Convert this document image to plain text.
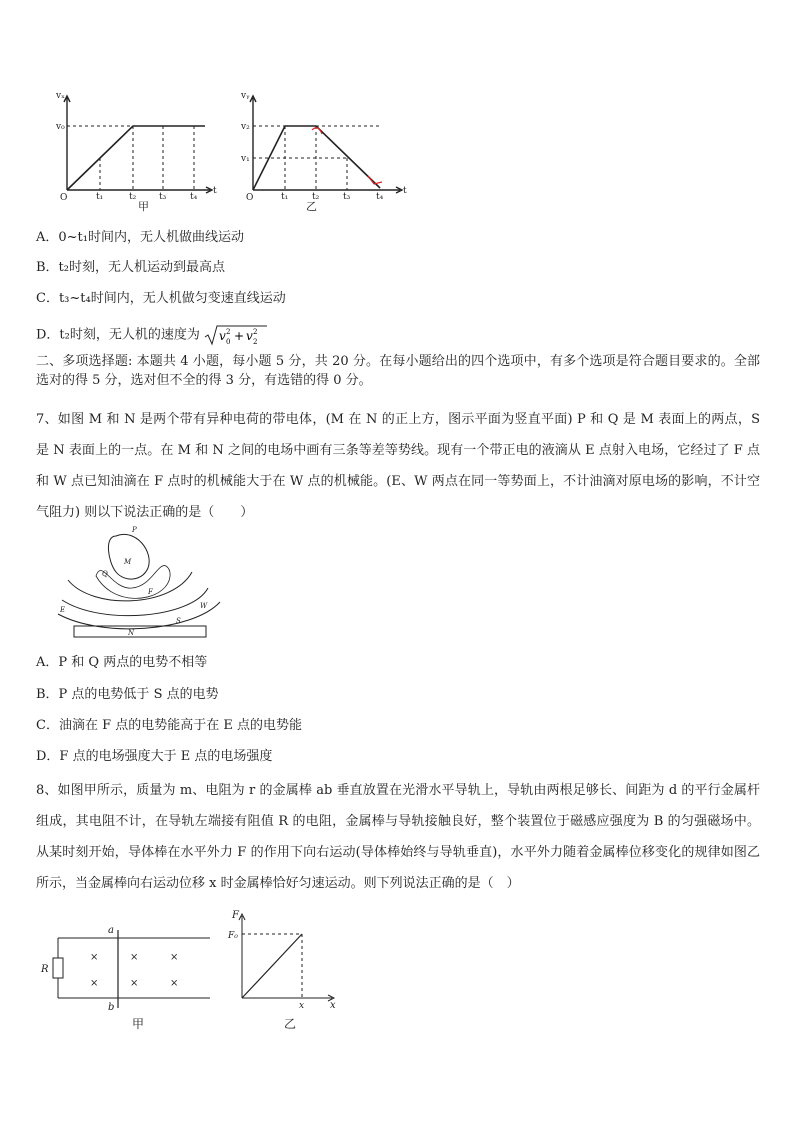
vₓ
v₀
O	t₁	t₂	t₃	t₄
t
甲
vᵧ
v₂
v₁
O	t₁	t₂	t₃	t₄
t
乙
A．0~t₁时间内，无人机做曲线运动
B．t₂时刻，无人机运动到最高点
C．t₃~t₄时间内，无人机做匀变速直线运动
D．t₂时刻，无人机的速度为 v 0
2 + v 2
2
二、多项选择题: 本题共 4 小题，每小题 5 分，共 20 分。在每小题给出的四个选项中，有多个选项是符合题目要求的。全部选对的得 5 分，选对但不全的得 3 分，有选错的得 0 分。
7、如图 M 和 N 是两个带有异种电荷的带电体，(M 在 N 的正上方，图示平面为竖直平面) P 和 Q 是 M 表面上的两点，S 是 N 表面上的一点。在 M 和 N 之间的电场中画有三条等差等势线。现有一个带正电的液滴从 E 点射入电场，它经过了 F 点和 W 点已知油滴在 F 点时的机械能大于在 W 点的机械能。(E、W 两点在同一等势面上，不计油滴对原电场的影响，不计空气阻力) 则以下说法正确的是（　　）
P
M
Q
F
E	W
S
N
A．P 和 Q 两点的电势不相等
B．P 点的电势低于 S 点的电势
C．油滴在 F 点的电势能高于在 E 点的电势能
D．F 点的电场强度大于 E 点的电场强度
8、如图甲所示，质量为 m、电阻为 r 的金属棒 ab 垂直放置在光滑水平导轨上，导轨由两根足够长、间距为 d 的平行金属杆组成，其电阻不计，在导轨左端接有阻值 R 的电阻，金属棒与导轨接触良好，整个装置位于磁感应强度为 B 的匀强磁场中。从某时刻开始，导体棒在水平外力 F 的作用下向右运动(导体棒始终与导轨垂直)，水平外力随着金属棒位移变化的规律如图乙所示，当金属棒向右运动位移 x 时金属棒恰好匀速运动。则下列说法正确的是（　）
a
b
R
×	×	×
×	×	×
甲
F
F₀
x	x
乙
